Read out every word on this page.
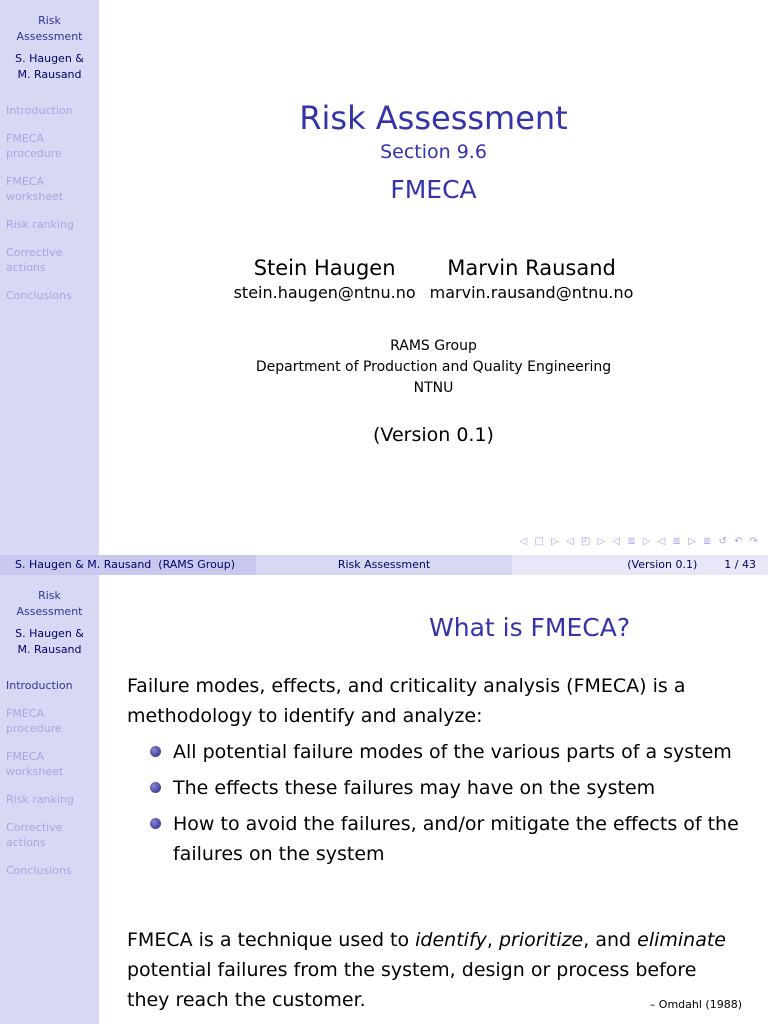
Risk
Assessment
S. Haugen &
M. Rausand
Introduction
FMECA
procedure
FMECA
worksheet
Risk ranking
Corrective
actions
Conclusions
Risk Assessment
Section 9.6
FMECA
Stein Haugen
stein.haugen@ntnu.no
Marvin Rausand
marvin.rausand@ntnu.no
RAMS Group
Department of Production and Quality Engineering
NTNU
(Version 0.1)
◁ □ ▷ ◁ ◰ ▷ ◁ ≣ ▷ ◁ ≣ ▷ ≣ ↺ ↶ ↷
S. Haugen & M. Rausand (RAMS Group)	Risk Assessment	(Version 0.1) 1 / 43
Risk
Assessment
S. Haugen &
M. Rausand
Introduction
FMECA
procedure
FMECA
worksheet
Risk ranking
Corrective
actions
Conclusions
What is FMECA?
Failure modes, effects, and criticality analysis (FMECA) is a methodology to identify and analyze:
All potential failure modes of the various parts of a system
The effects these failures may have on the system
How to avoid the failures, and/or mitigate the effects of the failures on the system
FMECA is a technique used to identify, prioritize, and eliminate potential failures from the system, design or process before they reach the customer.	– Omdahl (1988)
